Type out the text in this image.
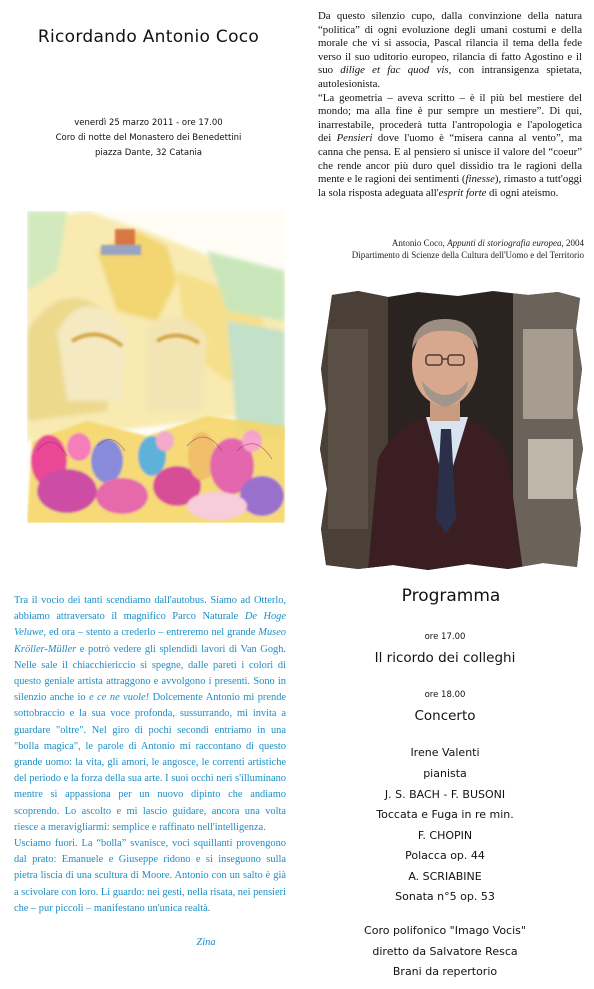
Ricordando Antonio Coco
venerdì 25 marzo 2011 - ore 17.00
Coro di notte del Monastero dei Benedettini
piazza Dante, 32 Catania

Da questo silenzio cupo, dalla convinzione della natura “politica” di ogni evoluzione degli umani costumi e della morale che vi si associa, Pascal rilancia il tema della fede verso il suo uditorio europeo, rilancia di fatto Agostino e il suo dilige et fac quod vis, con intransigenza spietata, autolesionista.

“La geometria – aveva scritto – è il più bel mestiere del mondo; ma alla fine è pur sempre un mestiere”. Di qui, inarrestabile, procederà tutta l'antropologia e l'apologetica dei Pensieri dove l'uomo è “misera canna al vento”, ma canna che pensa. E al pensiero si unisce il valore del “coeur” che rende ancor più duro quel dissidio tra le ragioni della mente e le ragioni dei sentimenti (finesse), rimasto a tutt'oggi la sola risposta adeguata all'esprit forte di ogni ateismo.

Antonio Coco, Appunti di storiografia europea, 2004
Dipartimento di Scienze della Cultura dell'Uomo e del Territorio

Tra il vocio dei tanti scendiamo dall'autobus. Siamo ad Otterlo, abbiamo attraversato il magnifico Parco Naturale De Hoge Veluwe, ed ora – stento a crederlo – entreremo nel grande Museo Kröller-Müller e potrò vedere gli splendidi lavori di Van Gogh. Nelle sale il chiacchiericcio si spegne, dalle pareti i colori di questo geniale artista attraggono e avvolgono i presenti. Sono in silenzio anche io e ce ne vuole! Dolcemente Antonio mi prende sottobraccio e la sua voce profonda, sussurrando, mi invita a guardare "oltre". Nel giro di pochi secondi entriamo in una "bolla magica", le parole di Antonio mi raccontano di questo grande uomo: la vita, gli amori, le angosce, le correnti artistiche del periodo e la forza della sua arte. I suoi occhi neri s'illuminano mentre si appassiona per un nuovo dipinto che andiamo scoprendo. Lo ascolto e mi lascio guidare, ancora una volta riesce a meravigliarmi: semplice e raffinato nell'intelligenza.

Usciamo fuori. La “bolla” svanisce, voci squillanti provengono dal prato: Emanuele e Giuseppe ridono e si inseguono sulla pietra liscia di una scultura di Moore. Antonio con un salto è già a scivolare con loro. Li guardo: nei gesti, nella risata, nei pensieri che – pur piccoli – manifestano un'unica realtà.

Zina
Programma
ore 17.00
Il ricordo dei colleghi
ore 18.00
Concerto
Irene Valenti
pianista
J. S. BACH - F. BUSONI
Toccata e Fuga in re min.
F. CHOPIN
Polacca op. 44
A. SCRIABINE
Sonata n°5 op. 53
Coro polifonico "Imago Vocis"
diretto da Salvatore Resca
Brani da repertorio
